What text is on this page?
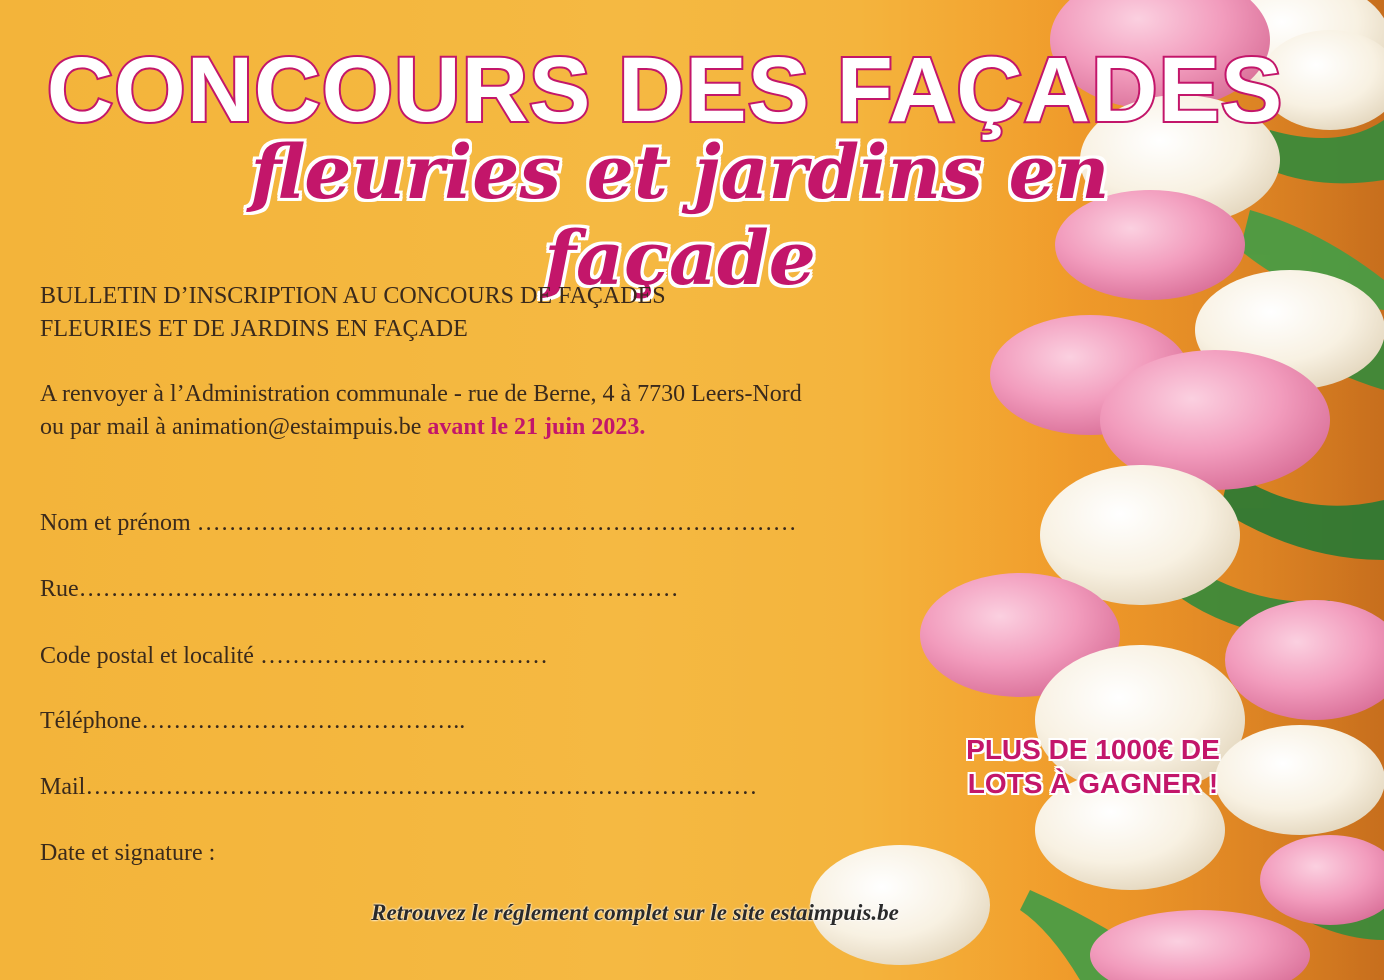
CONCOURS DES FAÇADES
fleuries et jardins en façade
BULLETIN D’INSCRIPTION AU CONCOURS DE FAÇADES
FLEURIES ET DE JARDINS EN FAÇADE
A renvoyer à l’Administration communale - rue de Berne, 4 à 7730 Leers-Nord
ou par mail à animation@estaimpuis.be avant le 21 juin 2023.
Nom et prénom …………………………………………………………………
Rue…………………………………………………………………
Code postal et localité ………………………………
Téléphone…………………………………..
Mail…………………………………………………………………………
Date et signature :
PLUS DE 1000€ DE
LOTS À GAGNER !
Retrouvez le réglement complet sur le site estaimpuis.be
